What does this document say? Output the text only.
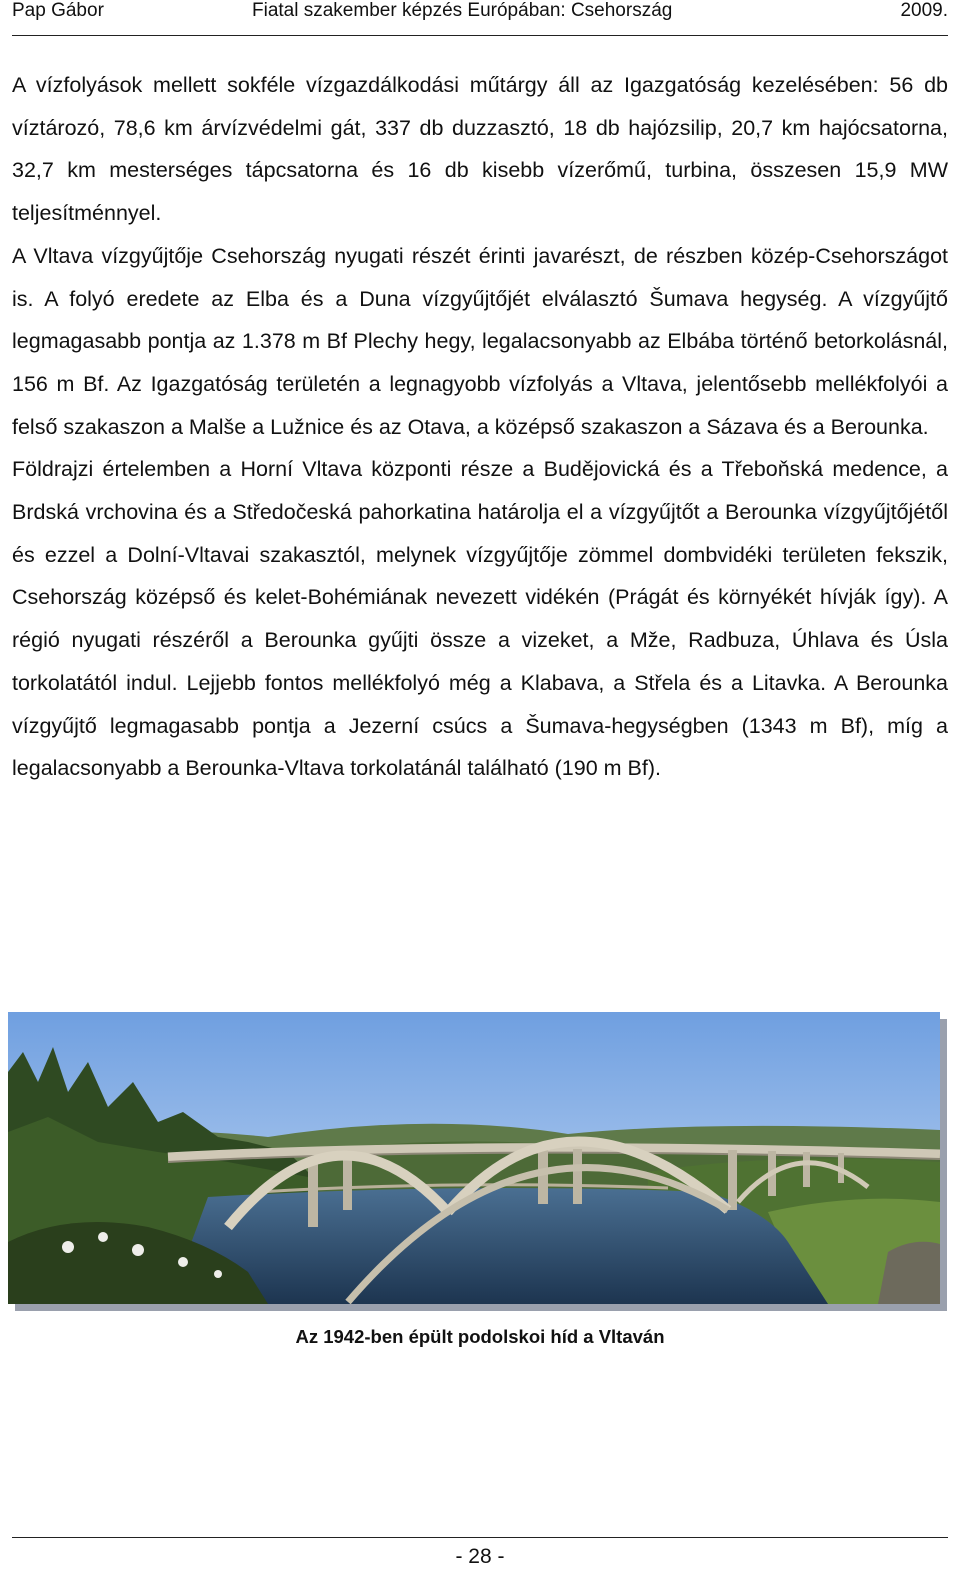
Pap Gábor	Fiatal szakember képzés Európában: Csehország	2009.

A vízfolyások mellett sokféle vízgazdálkodási műtárgy áll az Igazgatóság kezelésében: 56 db víztározó, 78,6 km árvízvédelmi gát, 337 db duzzasztó, 18 db hajózsilip, 20,7 km hajócsatorna, 32,7 km mesterséges tápcsatorna és 16 db kisebb vízerőmű, turbina, összesen 15,9 MW teljesítménnyel.

A Vltava vízgyűjtője Csehország nyugati részét érinti javarészt, de részben közép-Csehországot is. A folyó eredete az Elba és a Duna vízgyűjtőjét elválasztó Šumava hegység. A vízgyűjtő legmagasabb pontja az 1.378 m Bf Plechy hegy, legalacsonyabb az Elbába történő betorkolásnál, 156 m Bf. Az Igazgatóság területén a legnagyobb vízfolyás a Vltava, jelentősebb mellékfolyói a felső szakaszon a Malše a Lužnice és az Otava, a középső szakaszon a Sázava és a Berounka.

Földrajzi értelemben a Horní Vltava központi része a Budějovická és a Třeboňská medence, a Brdská vrchovina és a Středočeská pahorkatina határolja el a vízgyűjtőt a Berounka vízgyűjtőjétől és ezzel a Dolní-Vltavai szakasztól, melynek vízgyűjtője zömmel dombvidéki területen fekszik, Csehország középső és kelet-Bohémiának nevezett vidékén (Prágát és környékét hívják így). A régió nyugati részéről a Berounka gyűjti össze a vizeket, a Mže, Radbuza, Úhlava és Úsla torkolatától indul. Lejjebb fontos mellékfolyó még a Klabava, a Střela és a Litavka. A Berounka vízgyűjtő legmagasabb pontja a Jezerní csúcs a Šumava-hegységben (1343 m Bf), míg a legalacsonyabb a Berounka-Vltava torkolatánál található (190 m Bf).

Az 1942-ben épült podolskoi híd a Vltaván
- 28 -
